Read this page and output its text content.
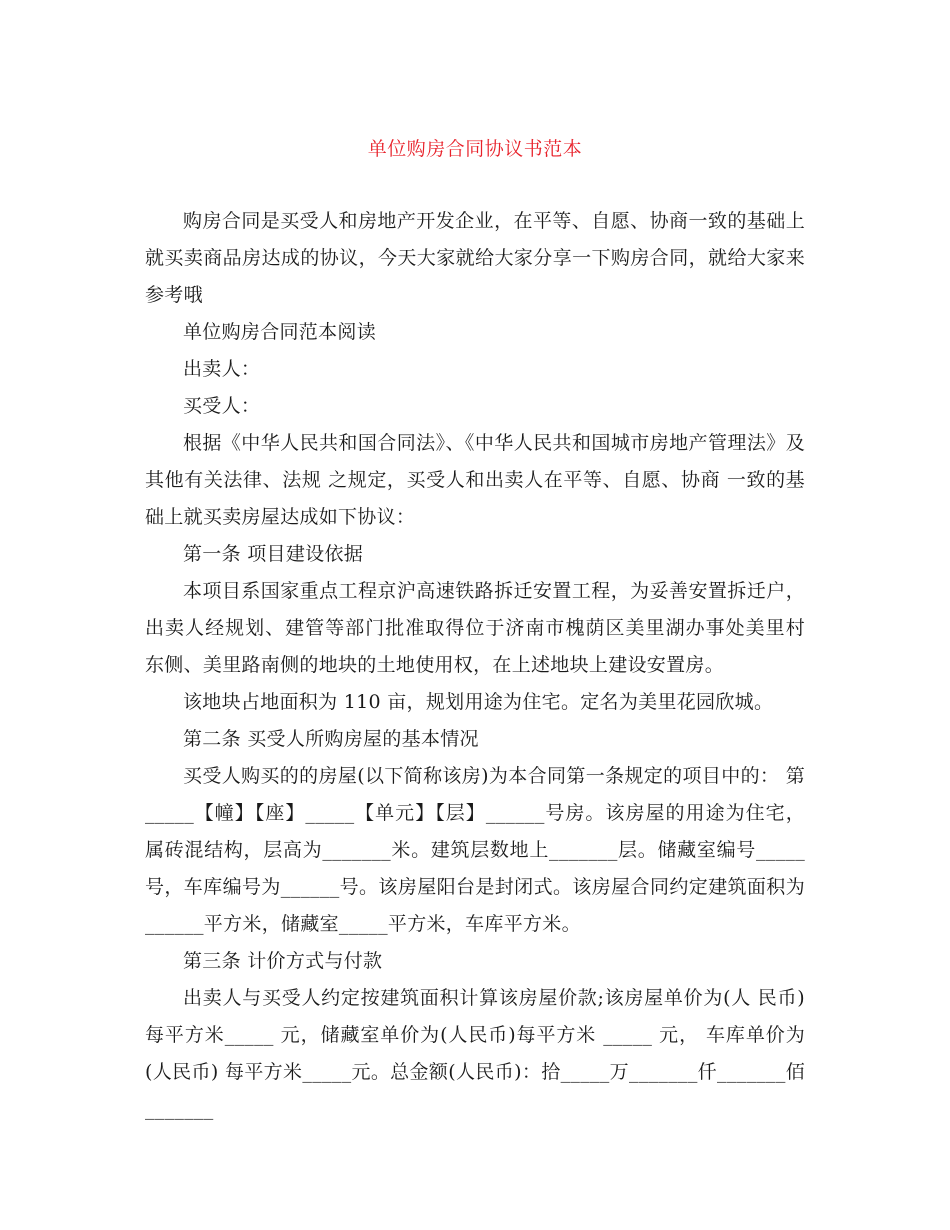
单位购房合同协议书范本

购房合同是买受人和房地产开发企业，在平等、自愿、协商一致的基础上就买卖商品房达成的协议，今天大家就给大家分享一下购房合同，就给大家来参考哦

单位购房合同范本阅读

出卖人：

买受人：

根据《中华人民共和国合同法》、《中华人民共和国城市房地产管理法》及其他有关法律、法规 之规定，买受人和出卖人在平等、自愿、协商 一致的基础上就买卖房屋达成如下协议：

第一条 项目建设依据

本项目系国家重点工程京沪高速铁路拆迁安置工程，为妥善安置拆迁户， 出卖人经规划、建管等部门批准取得位于济南市槐荫区美里湖办事处美里村 东侧、美里路南侧的地块的土地使用权，在上述地块上建设安置房。

该地块占地面积为 110 亩，规划用途为住宅。定名为美里花园欣城。

第二条 买受人所购房屋的基本情况

买受人购买的的房屋(以下简称该房)为本合同第一条规定的项目中的： 第_____【幢】【座】_____【单元】【层】______号房。该房屋的用途为住宅， 属砖混结构，层高为_______米。建筑层数地上_______层。储藏室编号_____ 号，车库编号为______号。该房屋阳台是封闭式。该房屋合同约定建筑面积为______平方米，储藏室_____平方米，车库平方米。

第三条 计价方式与付款

出卖人与买受人约定按建筑面积计算该房屋价款;该房屋单价为(人 民币)每平方米_____ 元，储藏室单价为(人民币)每平方米 _____ 元， 车库单价为(人民币) 每平方米_____元。总金额(人民币)：拾_____万_______仟_______佰_______
